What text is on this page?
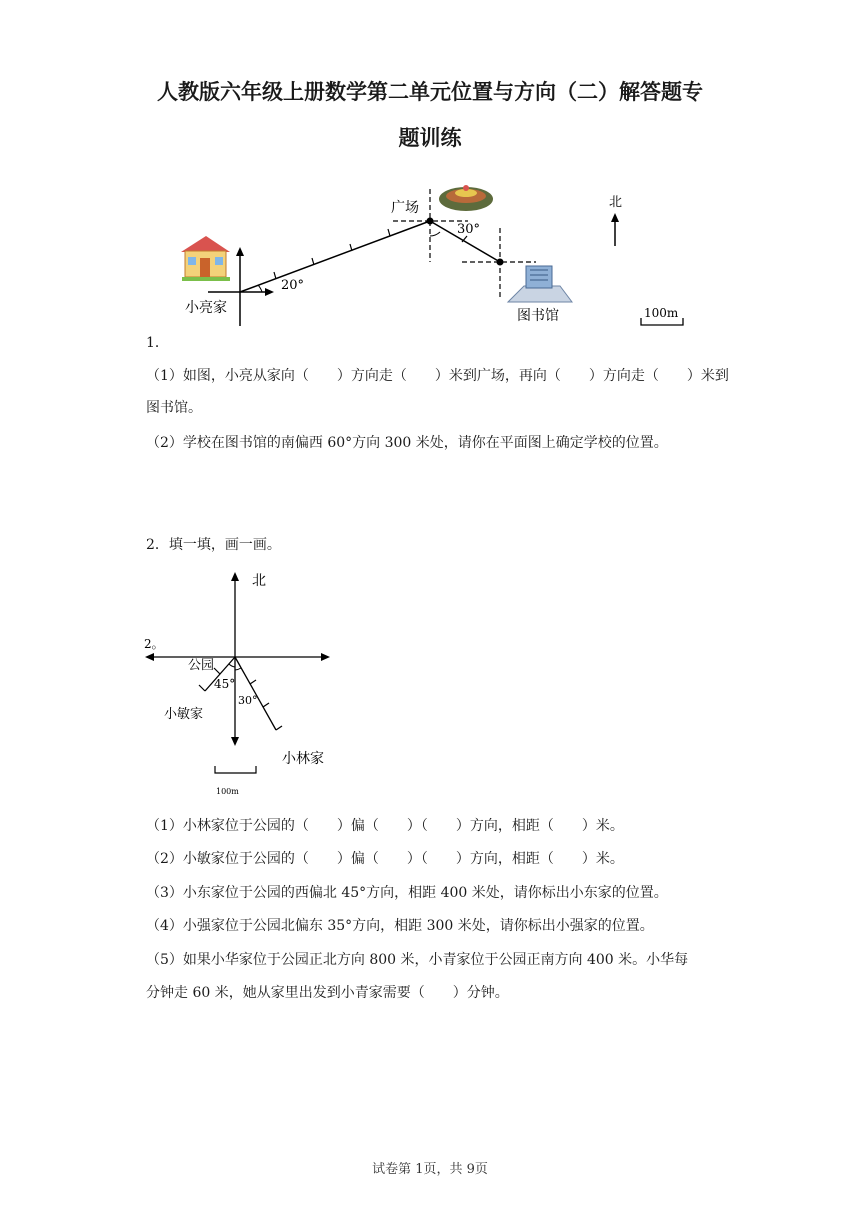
人教版六年级上册数学第二单元位置与方向（二）解答题专
题训练
20°
小亮家
广场
30°
图书馆
北
100m
1．
（1）如图，小亮从家向（　　）方向走（　　）米到广场，再向（　　）方向走（　　）米到
图书馆。
（2）学校在图书馆的南偏西 60°方向 300 米处，请你在平面图上确定学校的位置。
2．填一填，画一画。
北
2。
公园
45°
小敏家
30°
小林家
100m
（1）小林家位于公园的（　　）偏（　　）（　　）方向，相距（　　）米。
（2）小敏家位于公园的（　　）偏（　　）（　　）方向，相距（　　）米。
（3）小东家位于公园的西偏北 45°方向，相距 400 米处，请你标出小东家的位置。
（4）小强家位于公园北偏东 35°方向，相距 300 米处，请你标出小强家的位置。
（5）如果小华家位于公园正北方向 800 米，小青家位于公园正南方向 400 米。小华每
分钟走 60 米，她从家里出发到小青家需要（　　）分钟。
试卷第 1页，共 9页
